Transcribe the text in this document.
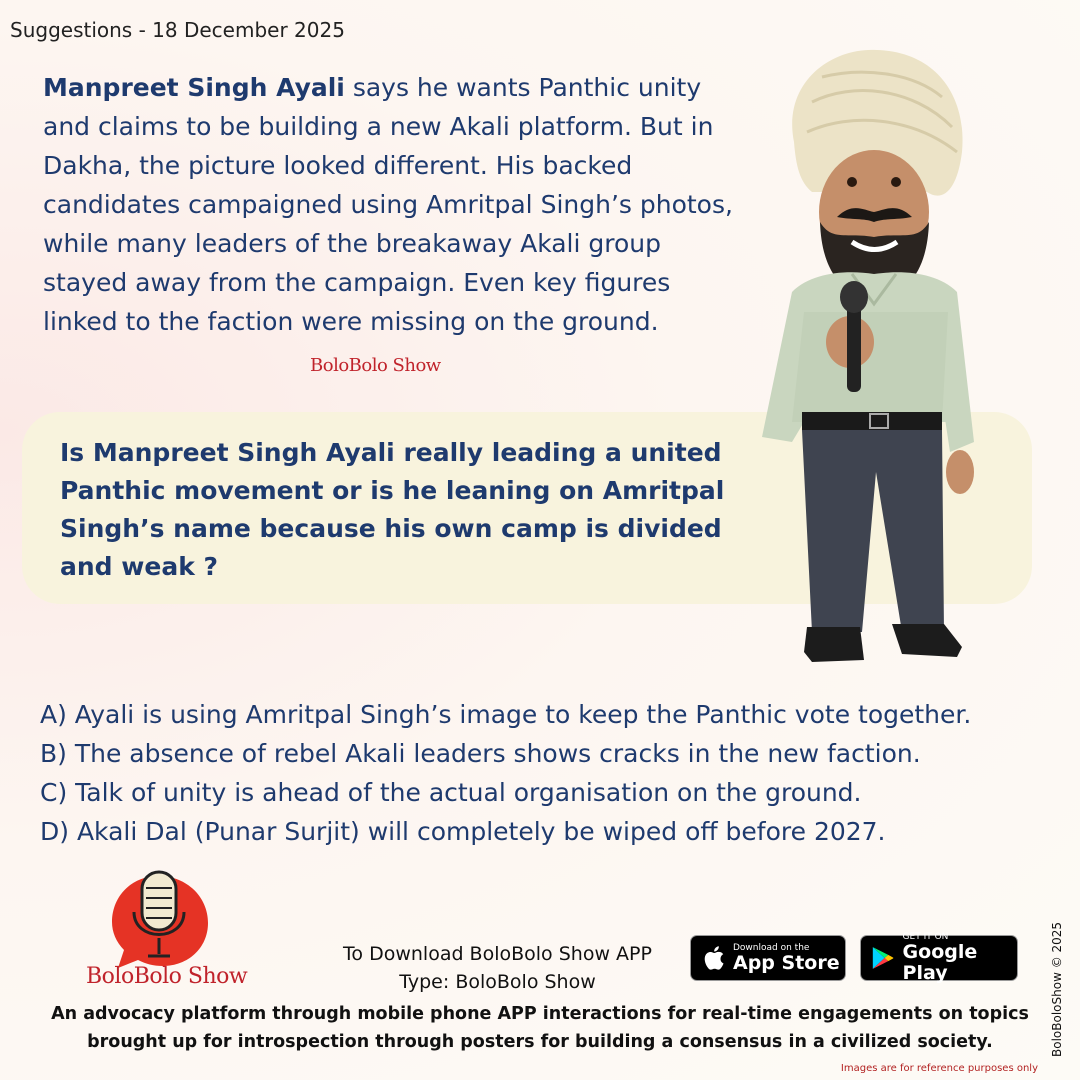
Suggestions - 18 December 2025
Manpreet Singh Ayali says he wants Panthic unity and claims to be building a new Akali platform. But in Dakha, the picture looked different. His backed candidates campaigned using Amritpal Singh’s photos, while many leaders of the breakaway Akali group stayed away from the campaign. Even key figures linked to the faction were missing on the ground.
BoloBolo Show
Is Manpreet Singh Ayali really leading a united Panthic movement or is he leaning on Amritpal Singh’s name because his own camp is divided and weak ?
A) Ayali is using Amritpal Singh’s image to keep the Panthic vote together.
B) The absence of rebel Akali leaders shows cracks in the new faction.
C) Talk of unity is ahead of the actual organisation on the ground.
D) Akali Dal (Punar Surjit) will completely be wiped off before 2027.
BoloBolo Show
To Download BoloBolo Show APP
Type: BoloBolo Show
Download on the
App Store
GET IT ON
Google Play
An advocacy platform through mobile phone APP interactions for real-time engagements on topics
brought up for introspection through posters for building a consensus in a civilized society.	BoloBoloShow © 2025
Images are for reference purposes only
